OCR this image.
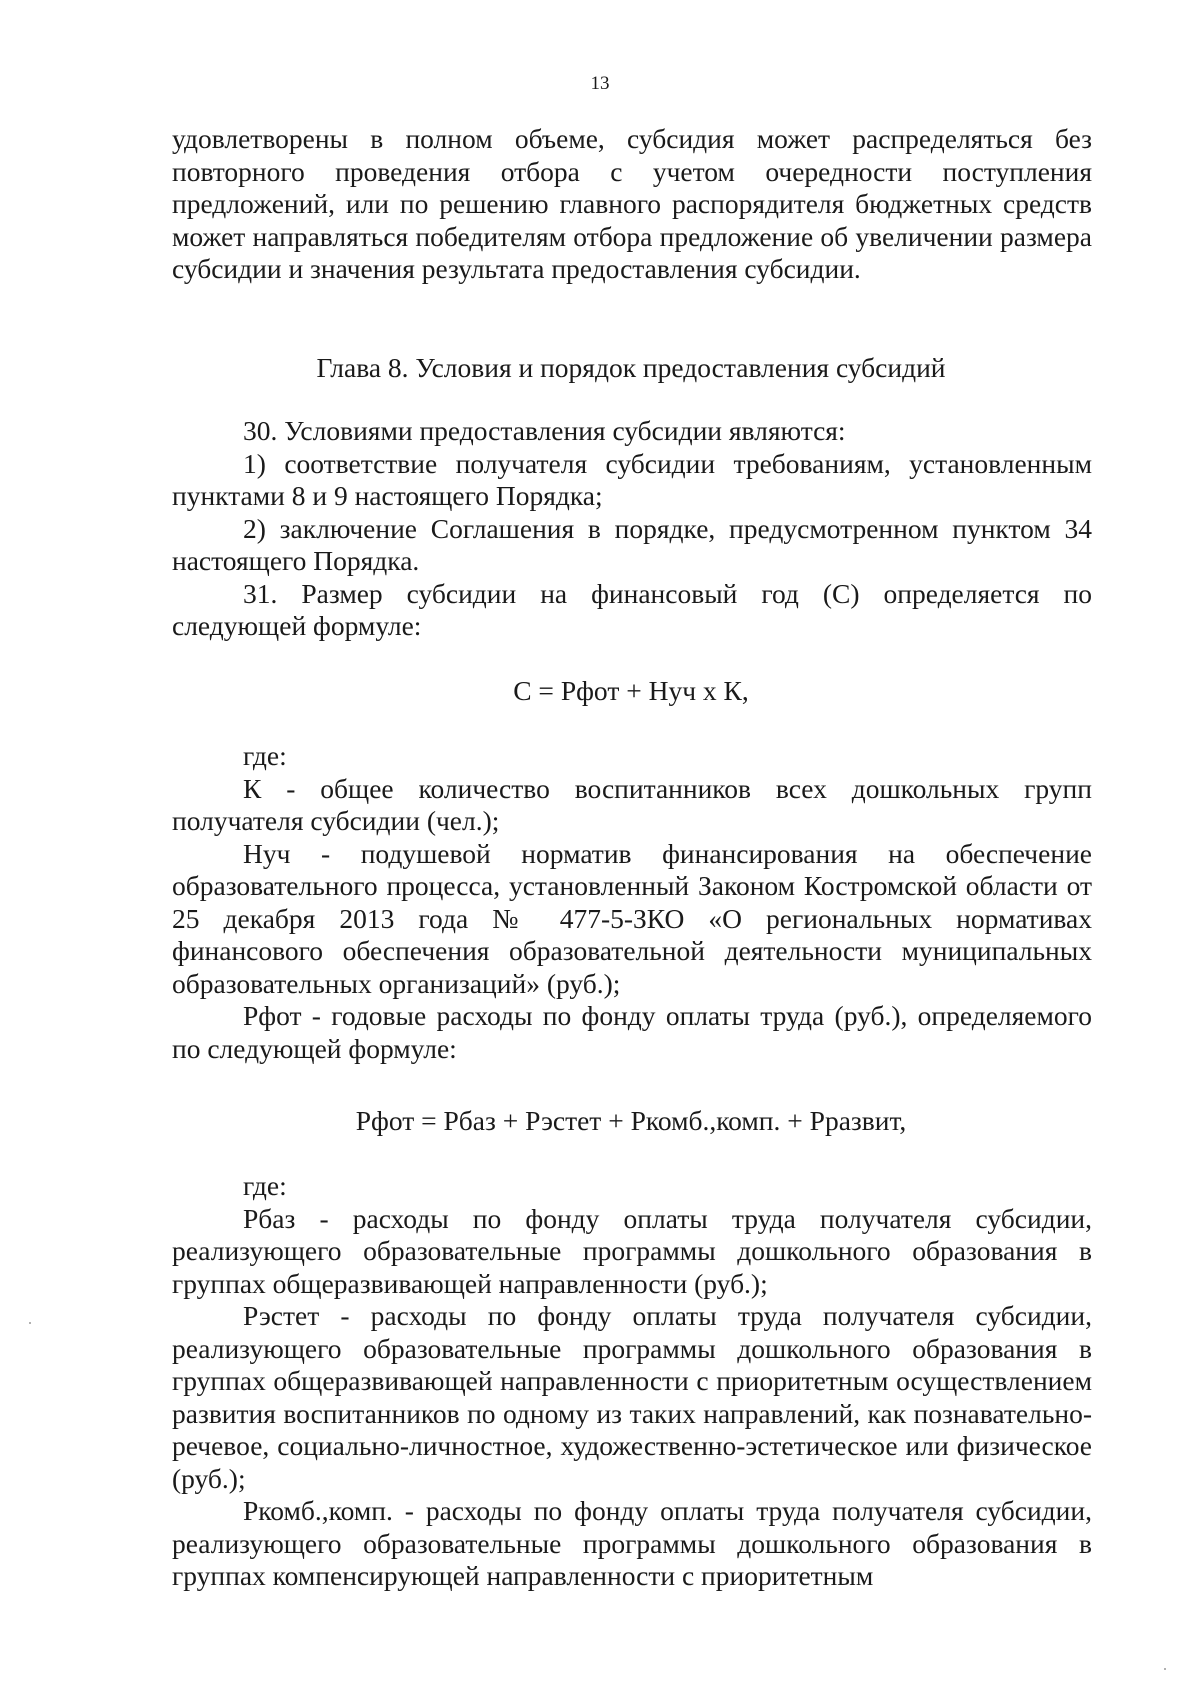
13

удовлетворены в полном объеме, субсидия может распределяться без повторного проведения отбора с учетом очередности поступления предложений, или по решению главного распорядителя бюджетных средств может направляться победителям отбора предложение об увеличении размера субсидии и значения результата предоставления субсидии.

Глава 8. Условия и порядок предоставления субсидий

30. Условиями предоставления субсидии являются:

1) соответствие получателя субсидии требованиям, установленным пунктами 8 и 9 настоящего Порядка;

2) заключение Соглашения в порядке, предусмотренном пунктом 34 настоящего Порядка.

31. Размер субсидии на финансовый год (С) определяется по следующей формуле:

С = Рфот + Нуч х К,

где:

К - общее количество воспитанников всех дошкольных групп получателя субсидии (чел.);

Нуч - подушевой норматив финансирования на обеспечение образовательного процесса, установленный Законом Костромской области от 25 декабря 2013 года № 477-5-ЗКО «О региональных нормативах финансового обеспечения образовательной деятельности муниципальных образовательных организаций» (руб.);

Рфот - годовые расходы по фонду оплаты труда (руб.), определяемого по следующей формуле:

Рфот = Рбаз + Рэстет + Ркомб.,комп. + Рразвит,

где:

Рбаз - расходы по фонду оплаты труда получателя субсидии, реализующего образовательные программы дошкольного образования в группах общеразвивающей направленности (руб.);

Рэстет - расходы по фонду оплаты труда получателя субсидии, реализующего образовательные программы дошкольного образования в группах общеразвивающей направленности с приоритетным осуществлением развития воспитанников по одному из таких направлений, как познавательно-речевое, социально-личностное, художественно-эстетическое или физическое (руб.);

Ркомб.,комп. - расходы по фонду оплаты труда получателя субсидии, реализующего образовательные программы дошкольного образования в группах компенсирующей направленности с приоритетным
